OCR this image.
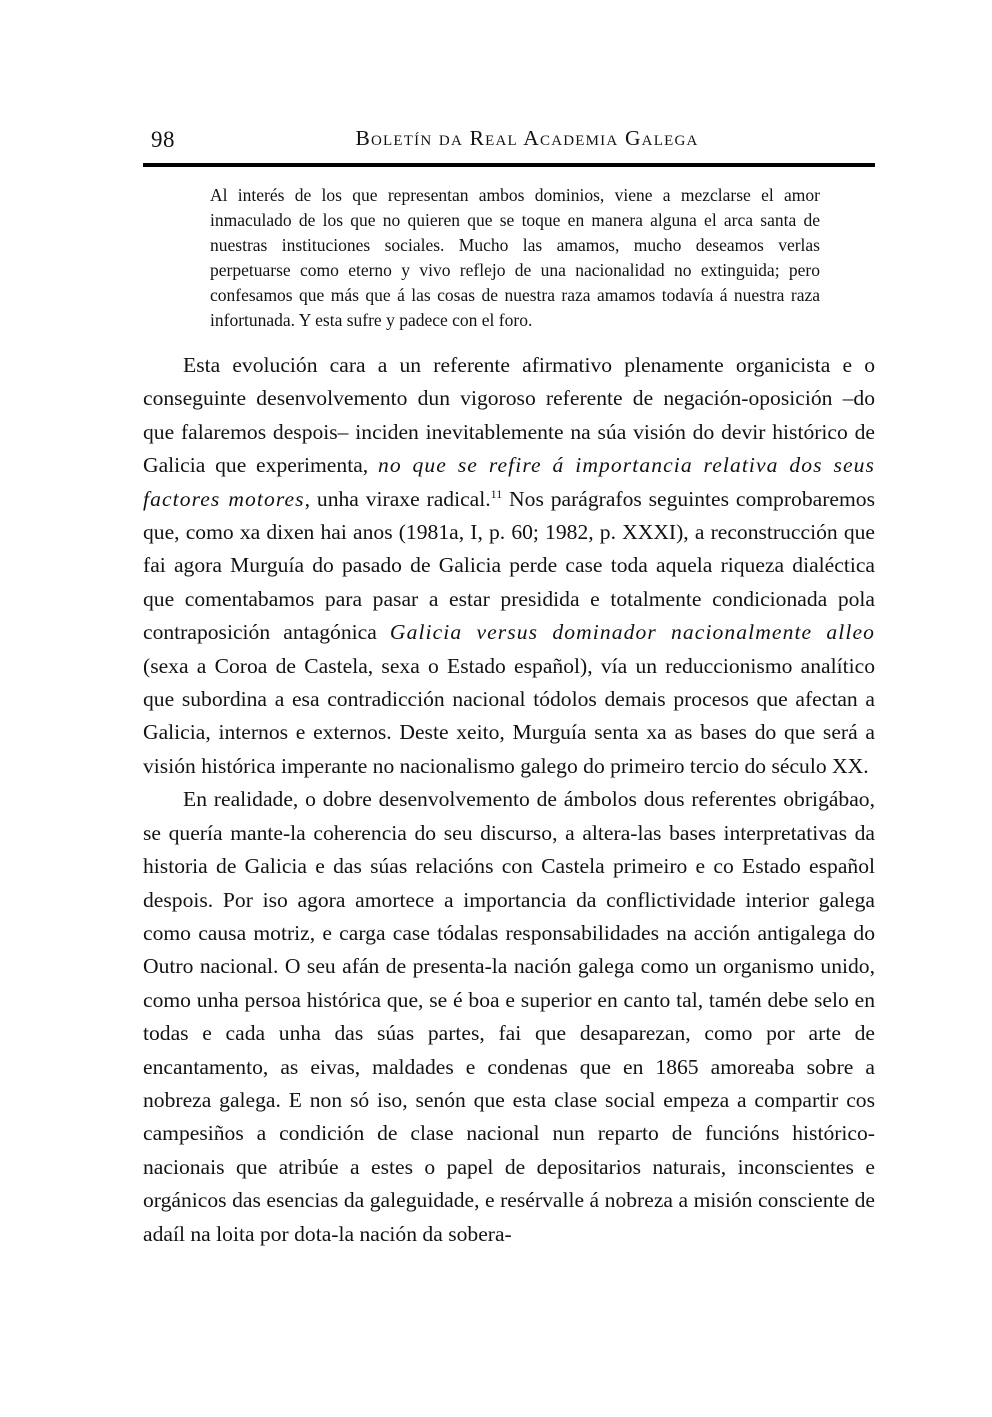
98	Boletín da Real Academia Galega
Al interés de los que representan ambos dominios, viene a mezclarse el amor inmaculado de los que no quieren que se toque en manera alguna el arca santa de nuestras instituciones sociales. Mucho las amamos, mucho deseamos verlas perpetuarse como eterno y vivo reflejo de una nacionalidad no extinguida; pero confesamos que más que á las cosas de nuestra raza amamos todavía á nuestra raza infortunada. Y esta sufre y padece con el foro.

Esta evolución cara a un referente afirmativo plenamente organicista e o conseguinte desenvolvemento dun vigoroso referente de negación-oposición –do que falaremos despois– inciden inevitablemente na súa visión do devir histórico de Galicia que experimenta, no que se refire á importancia relativa dos seus factores motores, unha viraxe radical.$^{11}$ Nos parágrafos seguintes comprobaremos que, como xa dixen hai anos (1981a, I, p. 60; 1982, p. XXXI), a reconstrucción que fai agora Murguía do pasado de Galicia perde case toda aquela riqueza dialéctica que comentabamos para pasar a estar presidida e totalmente condicionada pola contraposición antagónica Galicia versus dominador nacionalmente alleo (sexa a Coroa de Castela, sexa o Estado español), vía un reduccionismo analítico que subordina a esa contradicción nacional tódolos demais procesos que afectan a Galicia, internos e externos. Deste xeito, Murguía senta xa as bases do que será a visión histórica imperante no nacionalismo galego do primeiro tercio do século XX.

En realidade, o dobre desenvolvemento de ámbolos dous referentes obrigábao, se quería mante-la coherencia do seu discurso, a altera-las bases interpretativas da historia de Galicia e das súas relacións con Castela primeiro e co Estado español despois. Por iso agora amortece a importancia da conflictividade interior galega como causa motriz, e carga case tódalas responsabilidades na acción antigalega do Outro nacional. O seu afán de presenta-la nación galega como un organismo unido, como unha persoa histórica que, se é boa e superior en canto tal, tamén debe selo en todas e cada unha das súas partes, fai que desaparezan, como por arte de encantamento, as eivas, maldades e condenas que en 1865 amoreaba sobre a nobreza galega. E non só iso, senón que esta clase social empeza a compartir cos campesiños a condición de clase nacional nun reparto de funcións histórico-nacionais que atribúe a estes o papel de depositarios naturais, inconscientes e orgánicos das esencias da galeguidade, e resérvalle á nobreza a misión consciente de adaíl na loita por dota-la nación da sobera-
